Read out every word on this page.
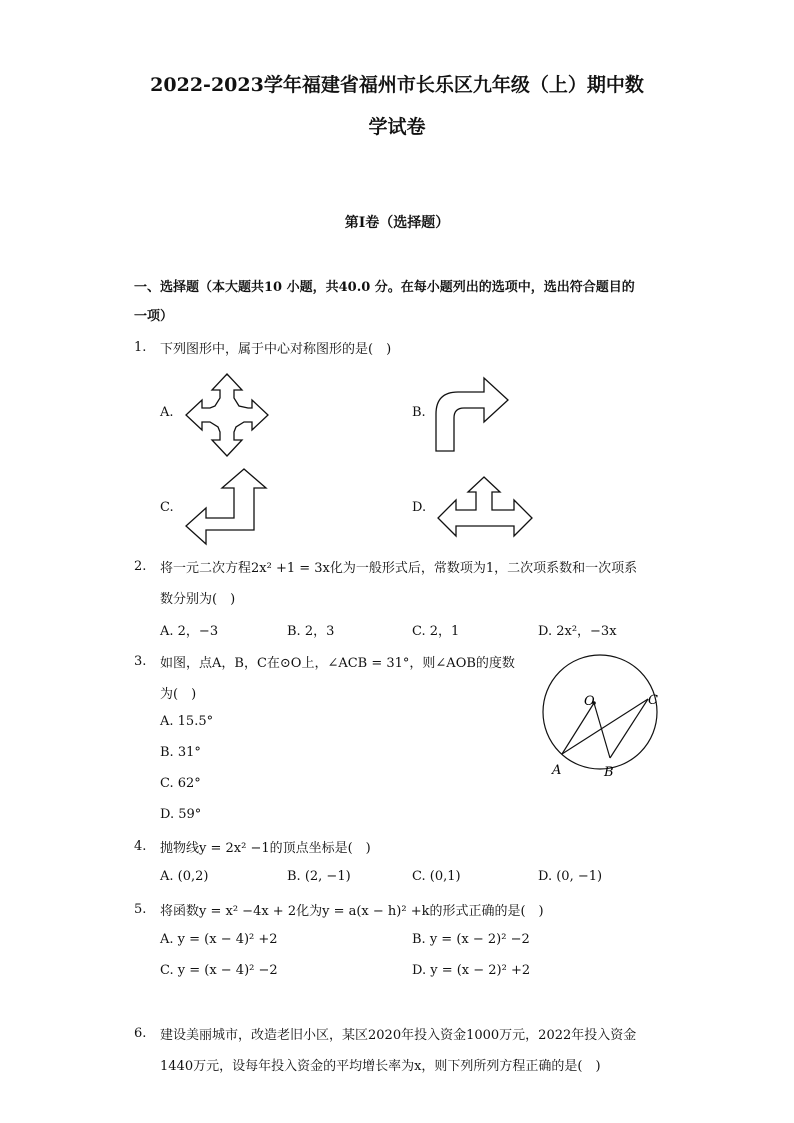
2022-2023学年福建省福州市长乐区九年级（上）期中数
学试卷
第I卷（选择题）
一、选择题（本大题共10 小题，共40.0 分。在每小题列出的选项中，选出符合题目的
一项）
1. 下列图形中，属于中心对称图形的是(　)
A.	B.
C.	D.
2. 将一元二次方程2x² +1 = 3x化为一般形式后，常数项为1，二次项系数和一次项系
数分别为(　)
A. 2，−3	B. 2，3	C. 2，1	D. 2x²，−3x
3. 如图，点A，B，C在⊙O上，∠ACB = 31°，则∠AOB的度数
为(　)
A. 15.5°
B. 31°
C. 62°
D. 59°
O
A	B
C
4. 抛物线y = 2x² −1的顶点坐标是(　)
A. (0,2)	B. (2, −1)	C. (0,1)	D. (0, −1)
5. 将函数y = x² −4x + 2化为y = a(x − h)² +k的形式正确的是(　)
A. y = (x − 4)² +2	B. y = (x − 2)² −2
C. y = (x − 4)² −2	D. y = (x − 2)² +2
6. 建设美丽城市，改造老旧小区，某区2020年投入资金1000万元，2022年投入资金
1440万元，设每年投入资金的平均增长率为x，则下列所列方程正确的是(　)
